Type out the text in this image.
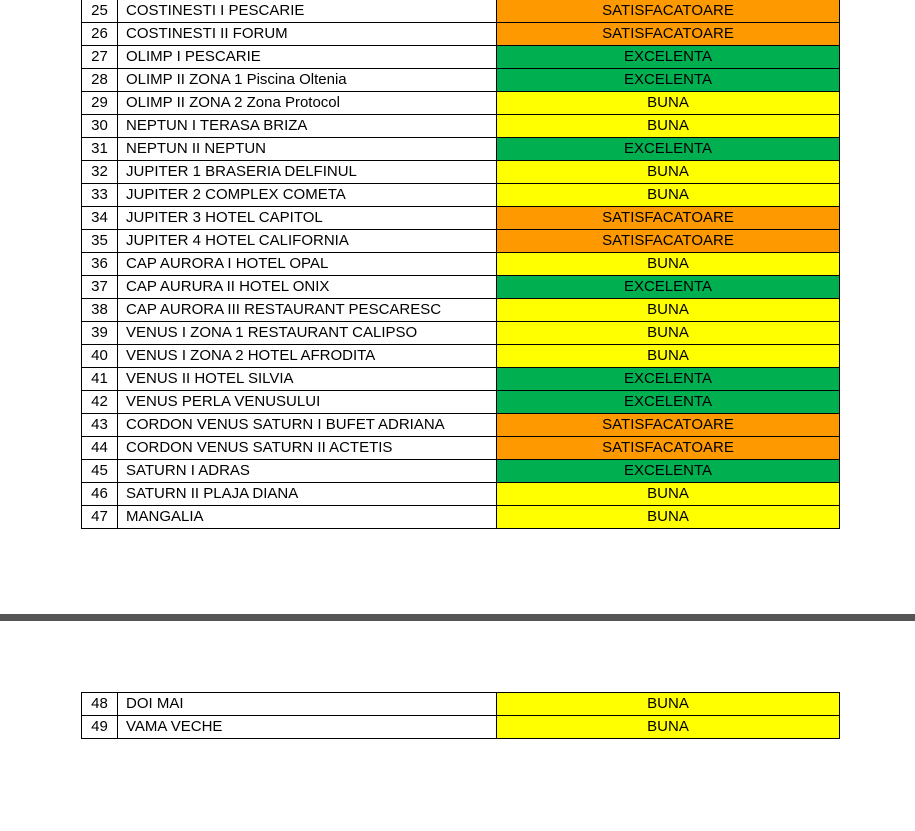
25	COSTINESTI I PESCARIE	SATISFACATOARE
26	COSTINESTI II FORUM	SATISFACATOARE
27	OLIMP I PESCARIE	EXCELENTA
28	OLIMP II ZONA 1 Piscina Oltenia	EXCELENTA
29	OLIMP II ZONA 2 Zona Protocol	BUNA
30	NEPTUN I TERASA BRIZA	BUNA
31	NEPTUN II NEPTUN	EXCELENTA
32	JUPITER 1 BRASERIA DELFINUL	BUNA
33	JUPITER 2 COMPLEX COMETA	BUNA
34	JUPITER 3 HOTEL CAPITOL	SATISFACATOARE
35	JUPITER 4 HOTEL CALIFORNIA	SATISFACATOARE
36	CAP AURORA I HOTEL OPAL	BUNA
37	CAP AURURA II HOTEL ONIX	EXCELENTA
38	CAP AURORA III RESTAURANT PESCARESC	BUNA
39	VENUS I ZONA 1 RESTAURANT CALIPSO	BUNA
40	VENUS I ZONA 2 HOTEL AFRODITA	BUNA
41	VENUS II HOTEL SILVIA	EXCELENTA
42	VENUS PERLA VENUSULUI	EXCELENTA
43	CORDON VENUS SATURN I BUFET ADRIANA	SATISFACATOARE
44	CORDON VENUS SATURN II ACTETIS	SATISFACATOARE
45	SATURN I ADRAS	EXCELENTA
46	SATURN II PLAJA DIANA	BUNA
47	MANGALIA	BUNA
48	DOI MAI	BUNA
49	VAMA VECHE	BUNA
